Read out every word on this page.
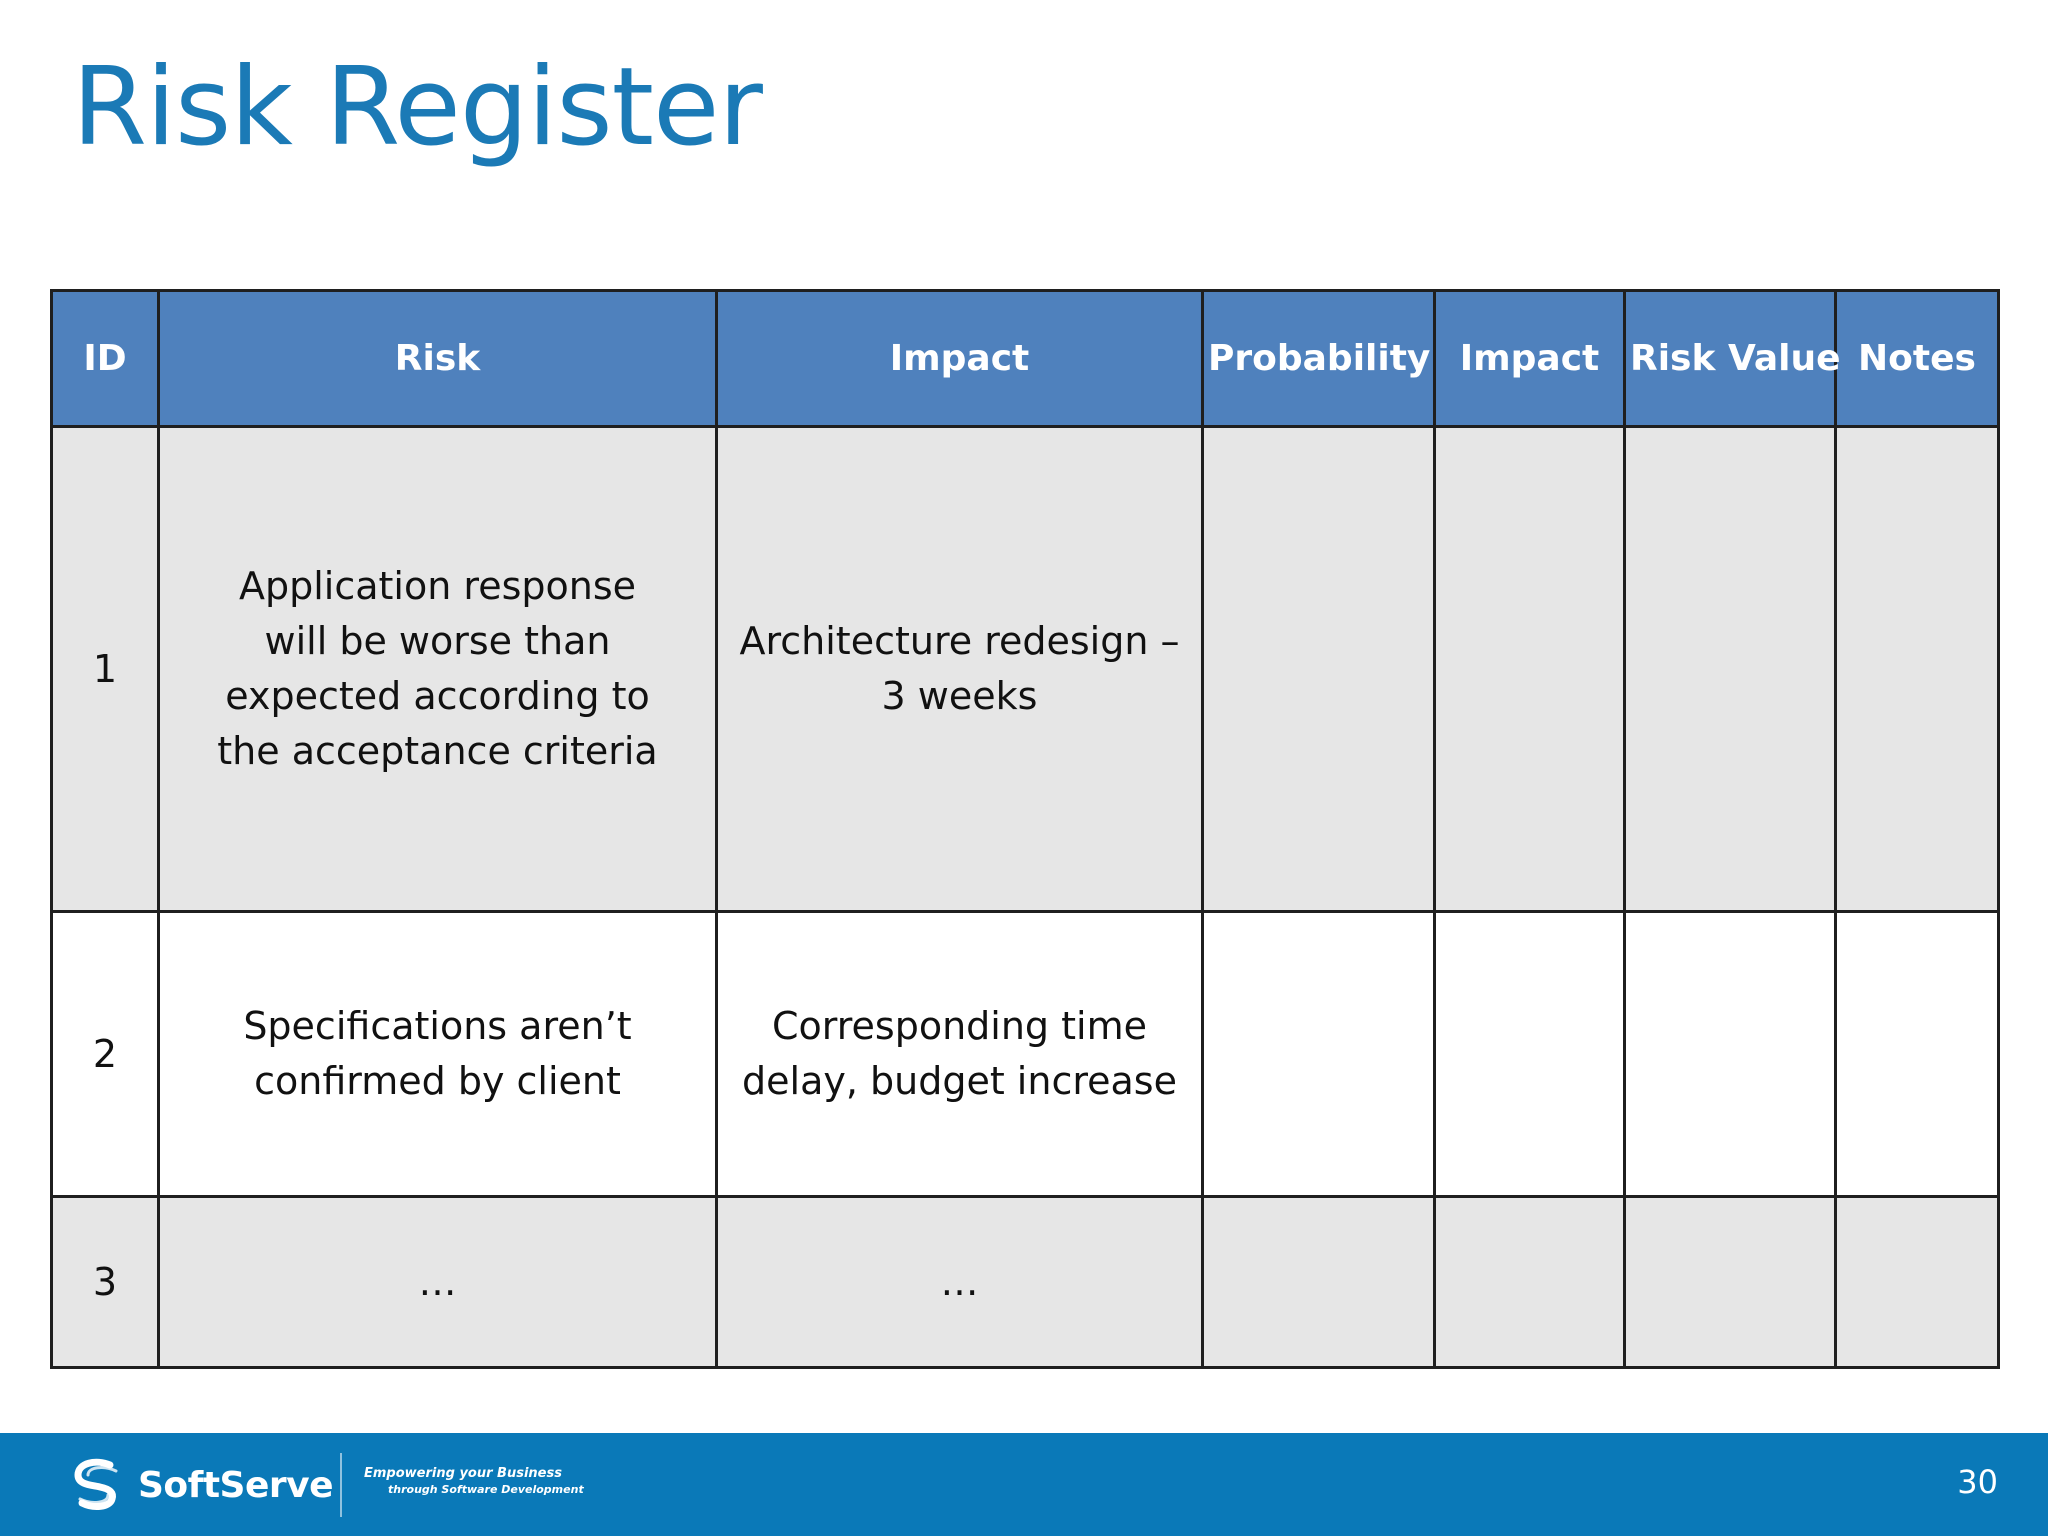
Risk Register
ID	Risk	Impact	Probability	Impact	Risk Value	Notes
1	Application response will be worse than expected according to the acceptance criteria	Architecture redesign – 3 weeks				
2	Specifications aren’t confirmed by client	Corresponding time delay, budget increase				
3	…	…				
SoftServe Empowering your Business
through Software Development	30
